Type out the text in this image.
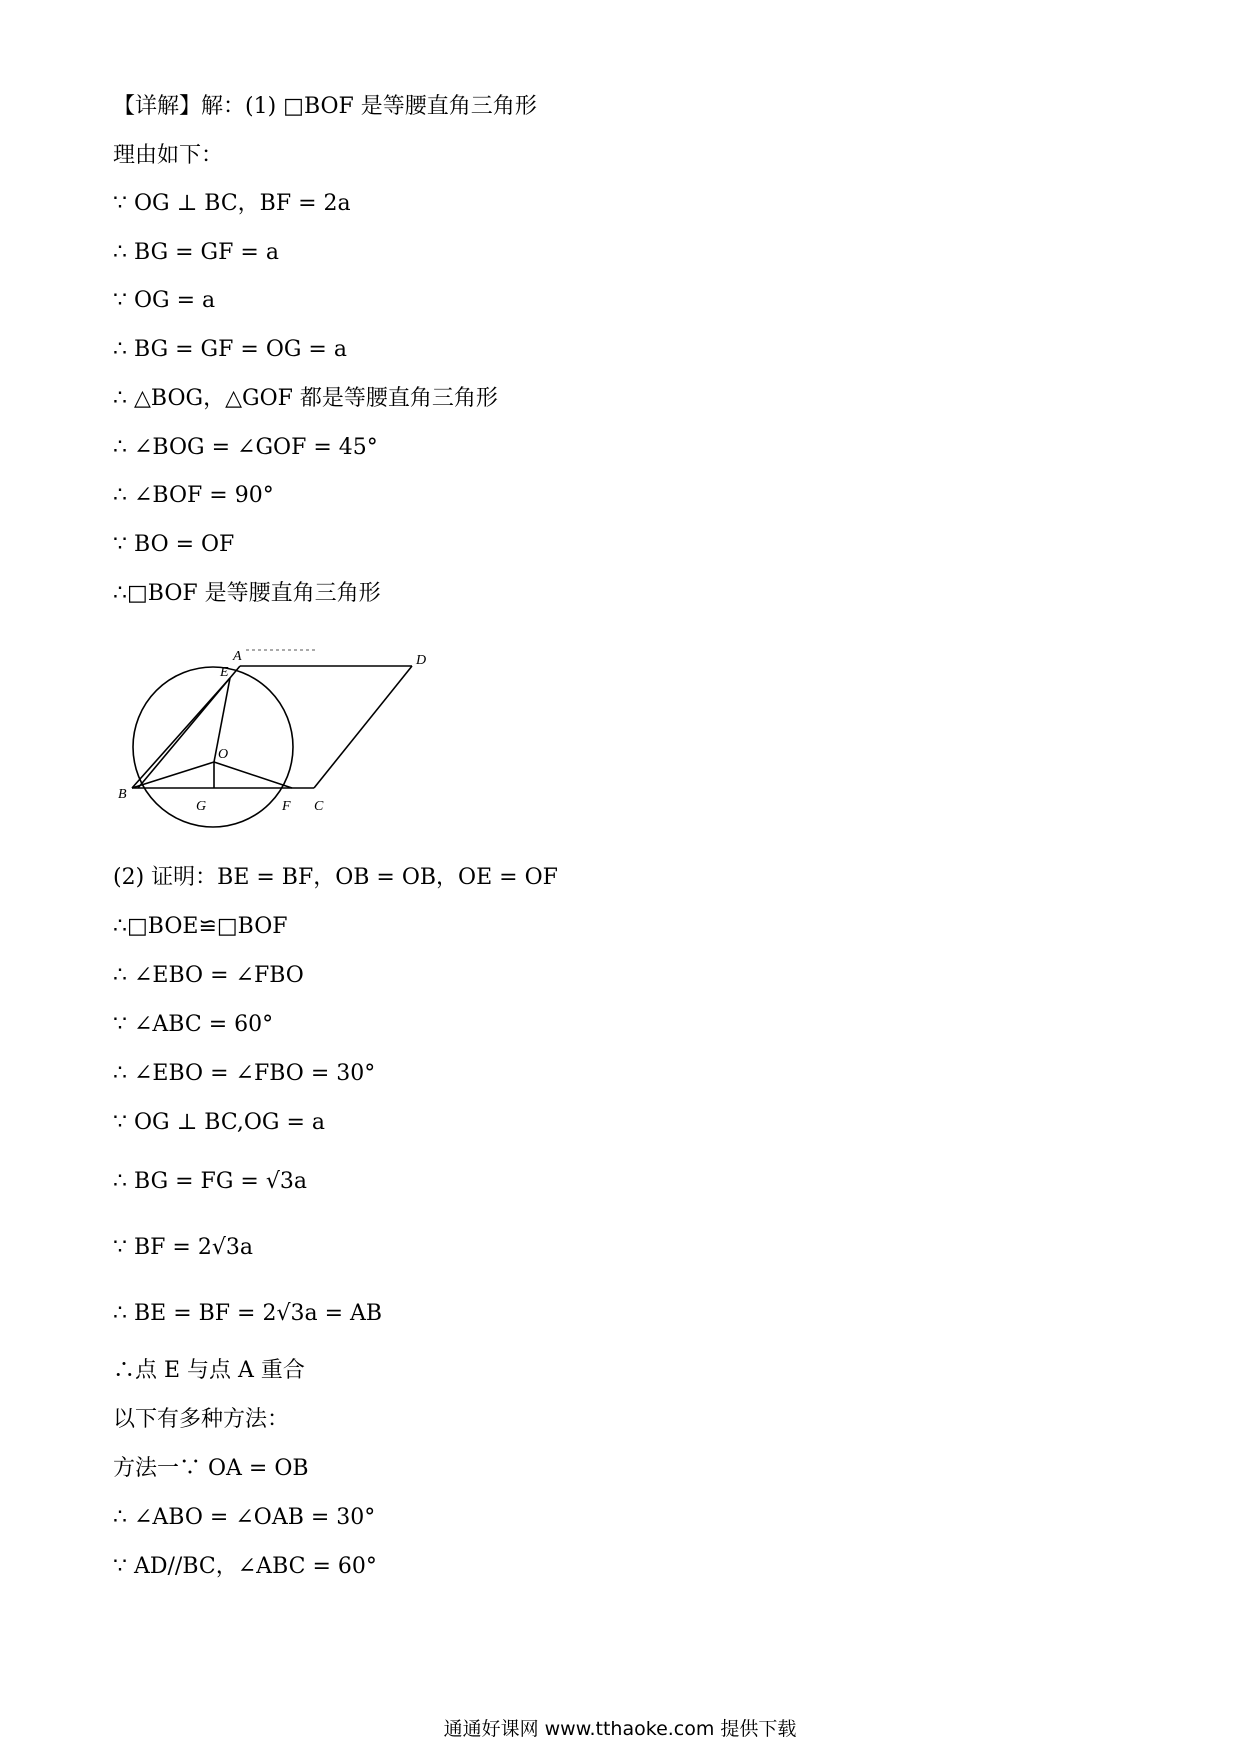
【详解】解：(1) □BOF 是等腰直角三角形
理由如下：
∵ OG ⊥ BC，BF = 2a
∴ BG = GF = a
∵ OG = a
∴ BG = GF = OG = a
∴ △BOG，△GOF 都是等腰直角三角形
∴ ∠BOG = ∠GOF = 45°
∴ ∠BOF = 90°
∵ BO = OF
∴□BOF 是等腰直角三角形
A	D
E
O
B
G	F C
(2) 证明：BE = BF，OB = OB，OE = OF
∴□BOE≌□BOF
∴ ∠EBO = ∠FBO
∵ ∠ABC = 60°
∴ ∠EBO = ∠FBO = 30°
∵ OG ⊥ BC,OG = a
∴ BG = FG = √3a
∵ BF = 2√3a
∴ BE = BF = 2√3a = AB
∴点 E 与点 A 重合
以下有多种方法：
方法一∵ OA = OB
∴ ∠ABO = ∠OAB = 30°
∵ AD//BC，∠ABC = 60°
通通好课网 www.tthaoke.com 提供下载
